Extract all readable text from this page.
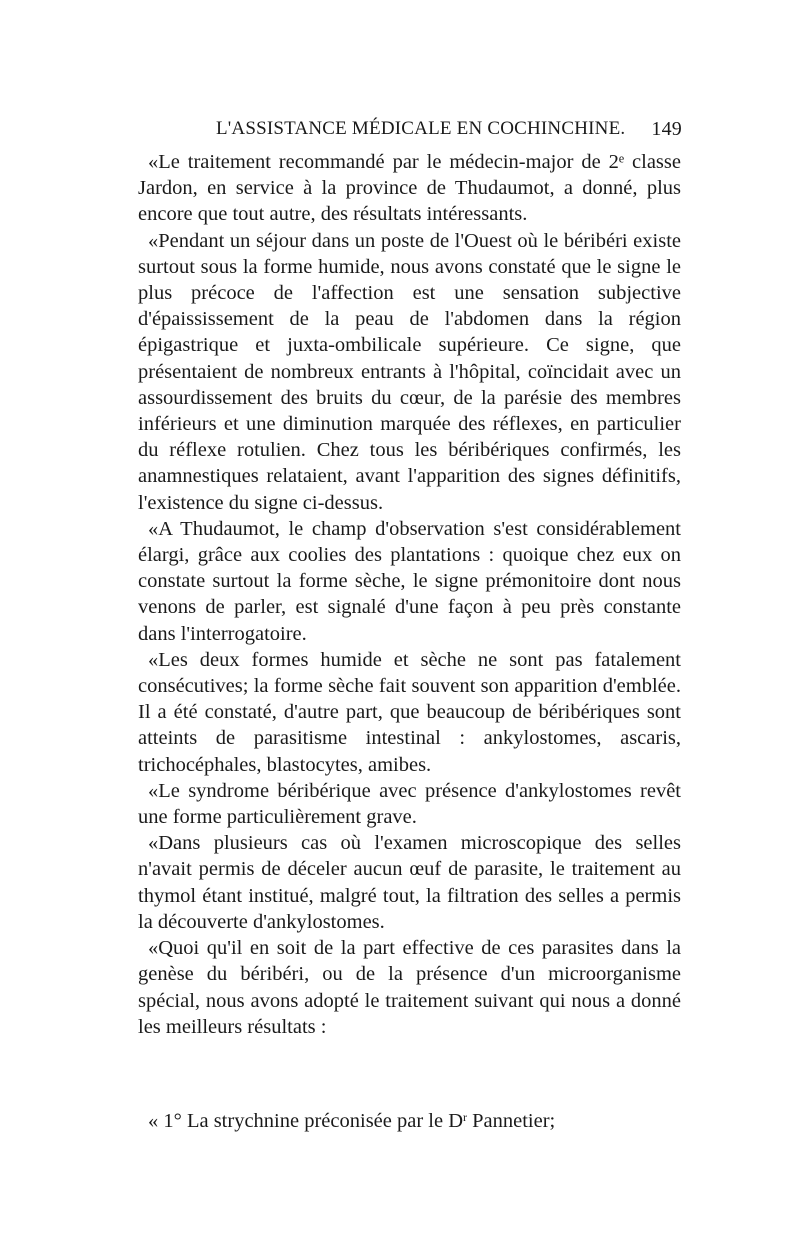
L'ASSISTANCE MÉDICALE EN COCHINCHINE. 149

«Le traitement recommandé par le médecin-major de 2ᵉ classe Jardon, en service à la province de Thudaumot, a donné, plus encore que tout autre, des résultats intéressants.

«Pendant un séjour dans un poste de l'Ouest où le béribéri existe surtout sous la forme humide, nous avons constaté que le signe le plus précoce de l'affection est une sensation subjective d'épaississement de la peau de l'abdomen dans la région épigastrique et juxta-ombilicale supérieure. Ce signe, que présentaient de nombreux entrants à l'hôpital, coïncidait avec un assourdissement des bruits du cœur, de la parésie des membres inférieurs et une diminution marquée des réflexes, en particulier du réflexe rotulien. Chez tous les béribériques confirmés, les anamnestiques relataient, avant l'apparition des signes définitifs, l'existence du signe ci-dessus.

«A Thudaumot, le champ d'observation s'est considérablement élargi, grâce aux coolies des plantations : quoique chez eux on constate surtout la forme sèche, le signe prémonitoire dont nous venons de parler, est signalé d'une façon à peu près constante dans l'interrogatoire.

«Les deux formes humide et sèche ne sont pas fatalement consécutives; la forme sèche fait souvent son apparition d'emblée. Il a été constaté, d'autre part, que beaucoup de béribériques sont atteints de parasitisme intestinal : ankylostomes, ascaris, trichocéphales, blastocytes, amibes.

«Le syndrome béribérique avec présence d'ankylostomes revêt une forme particulièrement grave.

«Dans plusieurs cas où l'examen microscopique des selles n'avait permis de déceler aucun œuf de parasite, le traitement au thymol étant institué, malgré tout, la filtration des selles a permis la découverte d'ankylostomes.

«Quoi qu'il en soit de la part effective de ces parasites dans la genèse du béribéri, ou de la présence d'un microorganisme spécial, nous avons adopté le traitement suivant qui nous a donné les meilleurs résultats :

« 1° La strychnine préconisée par le $D^r$ Pannetier;
